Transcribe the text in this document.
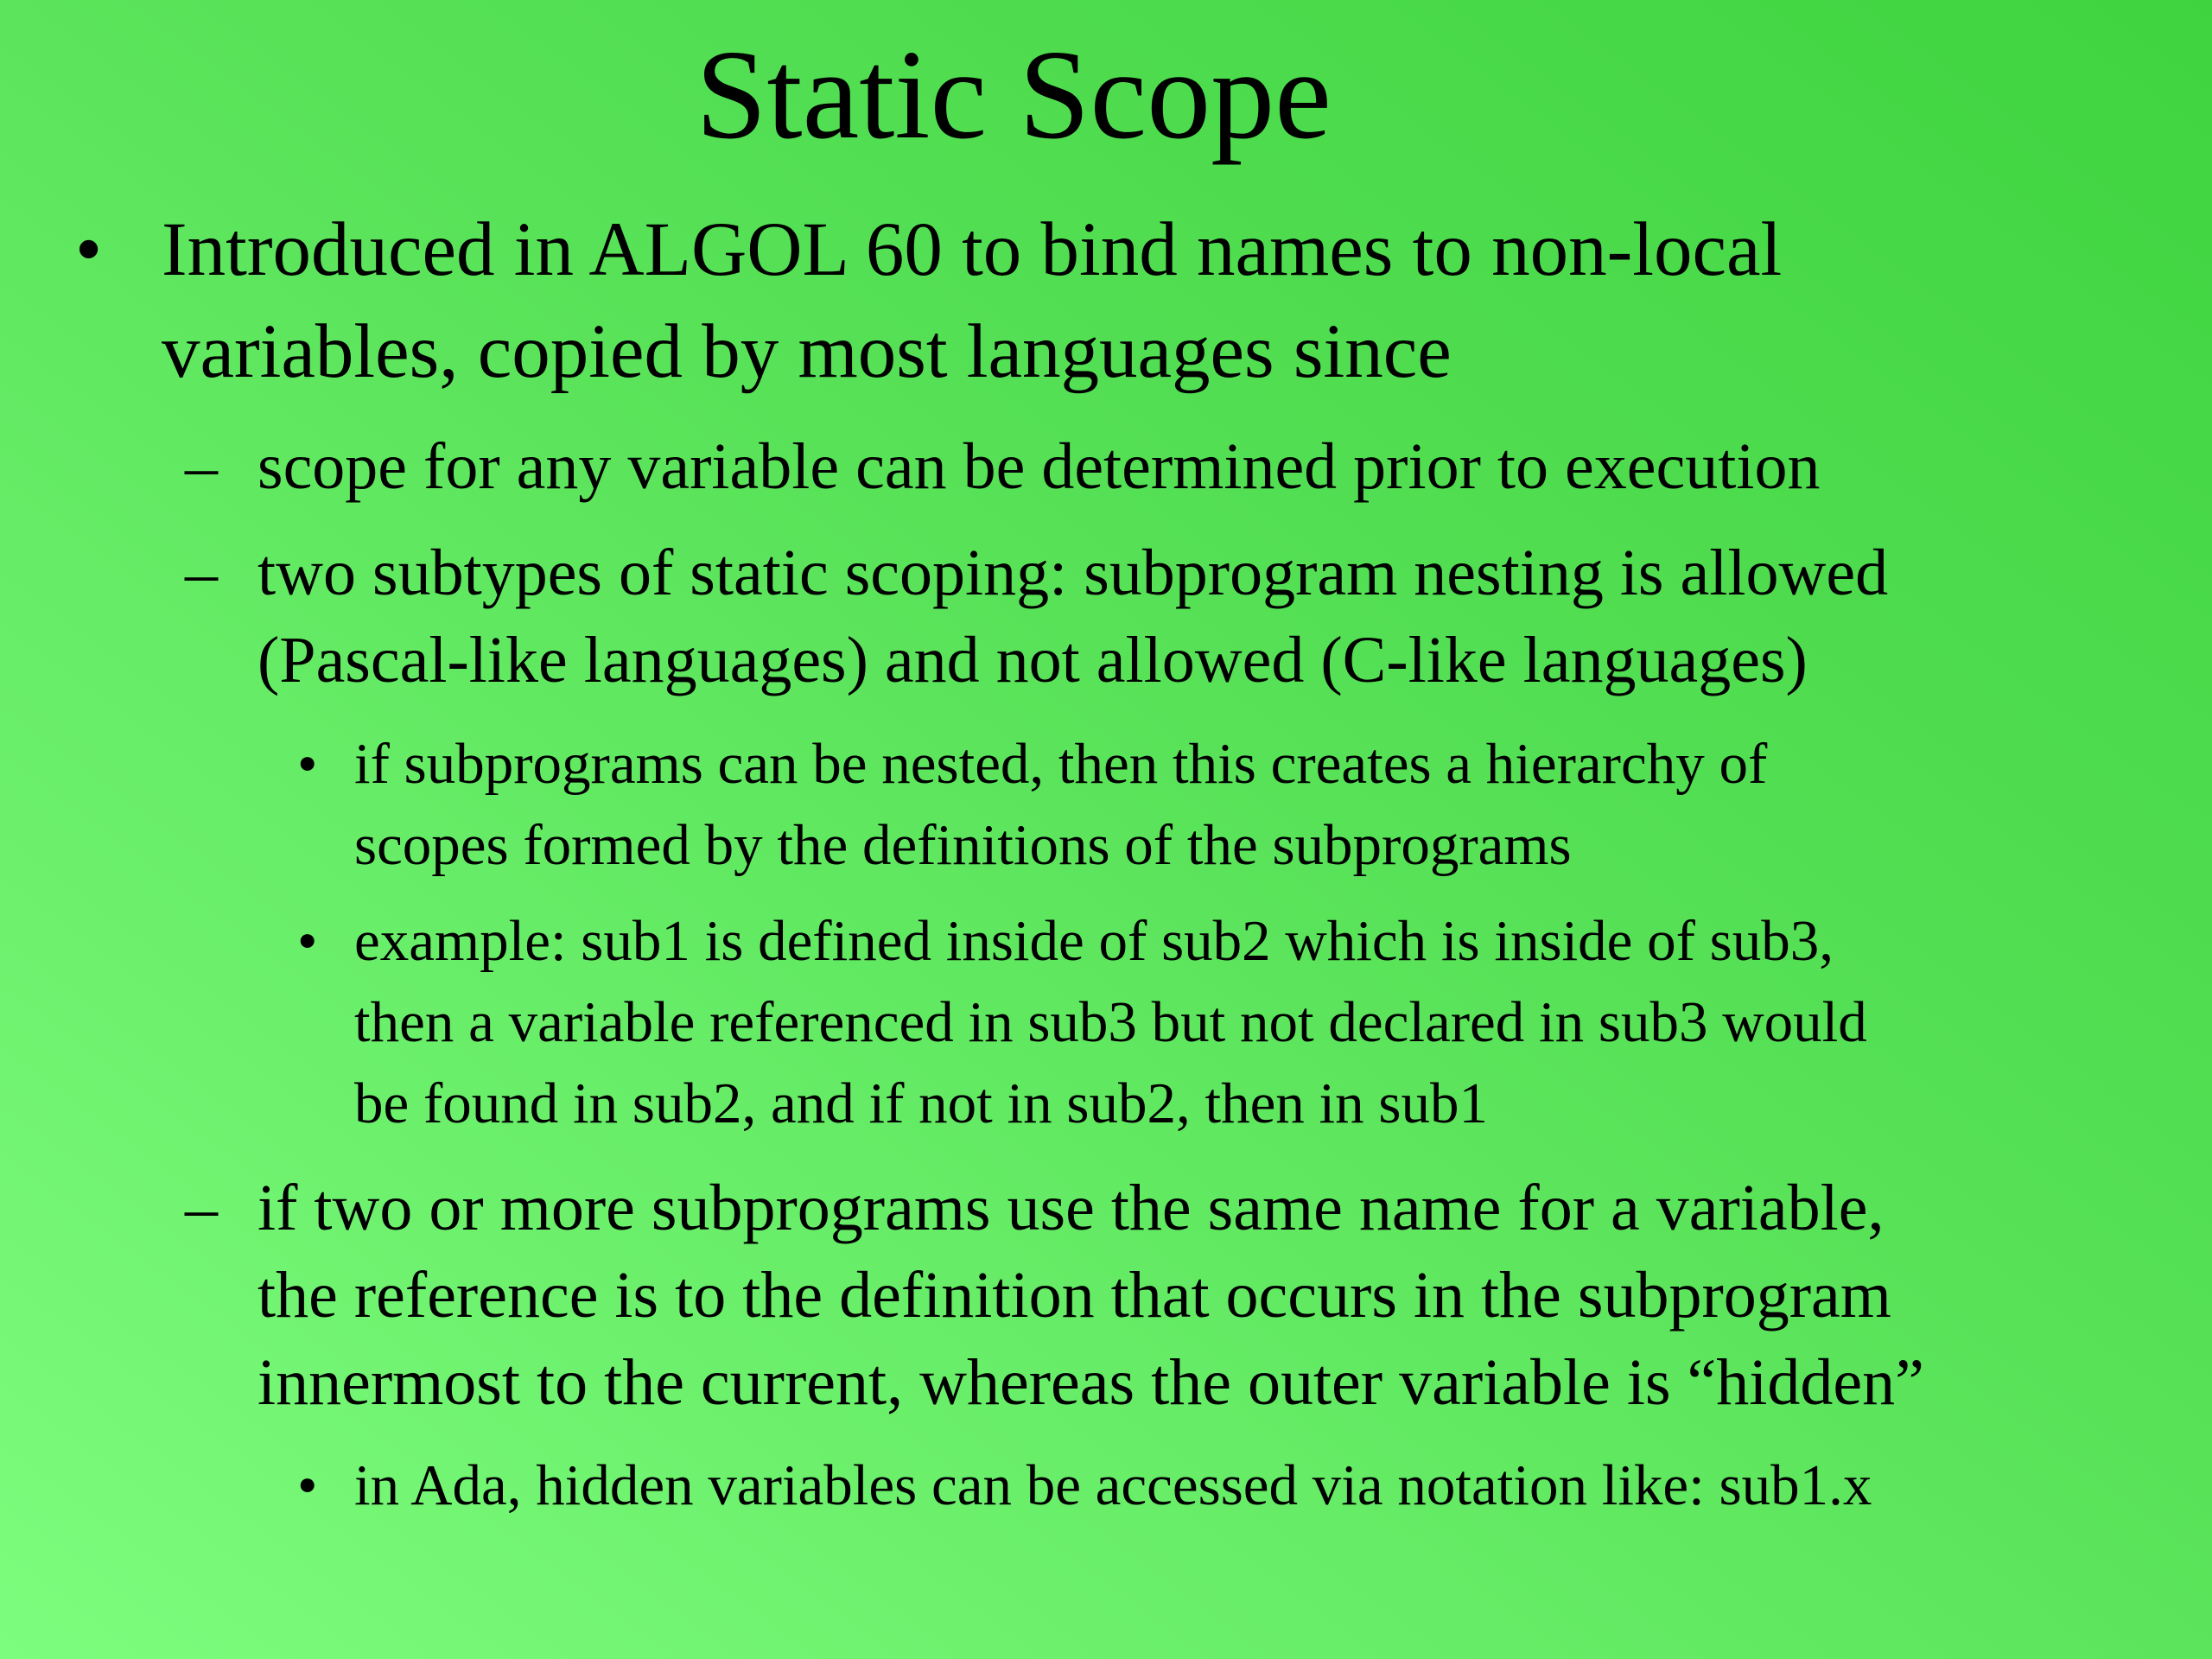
Static Scope
• Introduced in ALGOL 60 to bind names to non-local
variables, copied by most languages since
– scope for any variable can be determined prior to execution
– two subtypes of static scoping: subprogram nesting is allowed
(Pascal-like languages) and not allowed (C-like languages)
• if subprograms can be nested, then this creates a hierarchy of
scopes formed by the definitions of the subprograms
• example: sub1 is defined inside of sub2 which is inside of sub3,
then a variable referenced in sub3 but not declared in sub3 would
be found in sub2, and if not in sub2, then in sub1
– if two or more subprograms use the same name for a variable,
the reference is to the definition that occurs in the subprogram
innermost to the current, whereas the outer variable is “hidden”
• in Ada, hidden variables can be accessed via notation like: sub1.x
